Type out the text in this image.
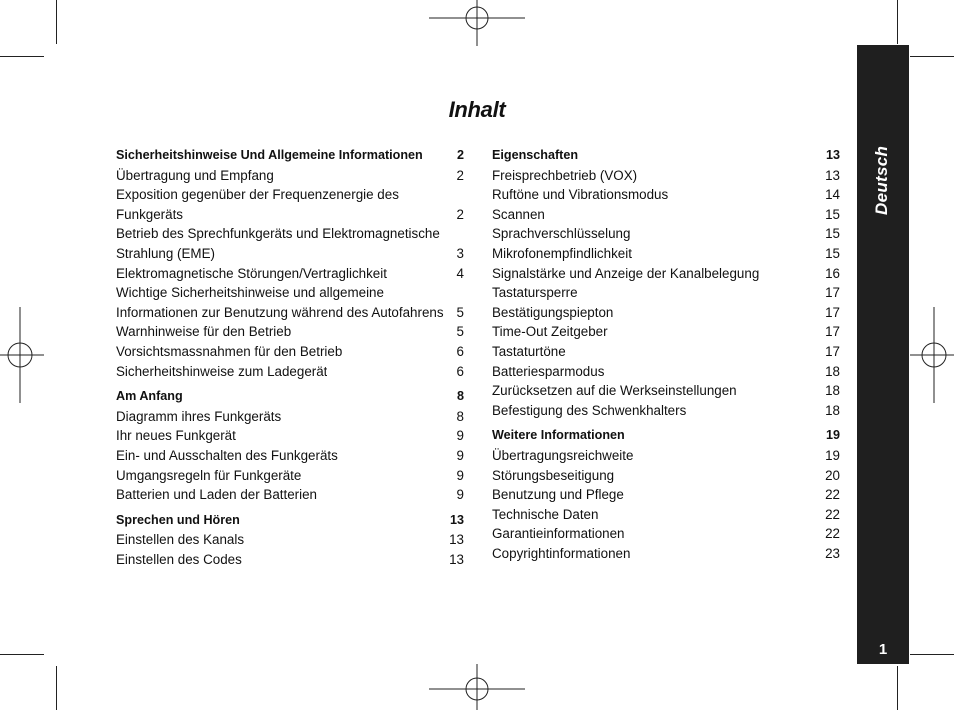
Deutsch
1
Inhalt
Sicherheitshinweise Und Allgemeine Informationen	2
Übertragung und Empfang	2
Exposition gegenüber der Frequenzenergie des
Funkgeräts	2
Betrieb des Sprechfunkgeräts und Elektromagnetische
Strahlung (EME)	3
Elektromagnetische Störungen/Vertraglichkeit	4
Wichtige Sicherheitshinweise und allgemeine
Informationen zur Benutzung während des Autofahrens 5
Warnhinweise für den Betrieb	5
Vorsichtsmassnahmen für den Betrieb	6
Sicherheitshinweise zum Ladegerät	6
Am Anfang	8
Diagramm ihres Funkgeräts	8
Ihr neues Funkgerät	9
Ein- und Ausschalten des Funkgeräts	9
Umgangsregeln für Funkgeräte	9
Batterien und Laden der Batterien	9
Sprechen und Hören	13
Einstellen des Kanals	13
Einstellen des Codes	13
Eigenschaften	13
Freisprechbetrieb (VOX)	13
Ruftöne und Vibrationsmodus	14
Scannen	15
Sprachverschlüsselung	15
Mikrofonempfindlichkeit	15
Signalstärke und Anzeige der Kanalbelegung	16
Tastatursperre	17
Bestätigungspiepton	17
Time-Out Zeitgeber	17
Tastaturtöne	17
Batteriesparmodus	18
Zurücksetzen auf die Werkseinstellungen	18
Befestigung des Schwenkhalters	18
Weitere Informationen	19
Übertragungsreichweite	19
Störungsbeseitigung	20
Benutzung und Pflege	22
Technische Daten	22
Garantieinformationen	22
Copyrightinformationen	23
